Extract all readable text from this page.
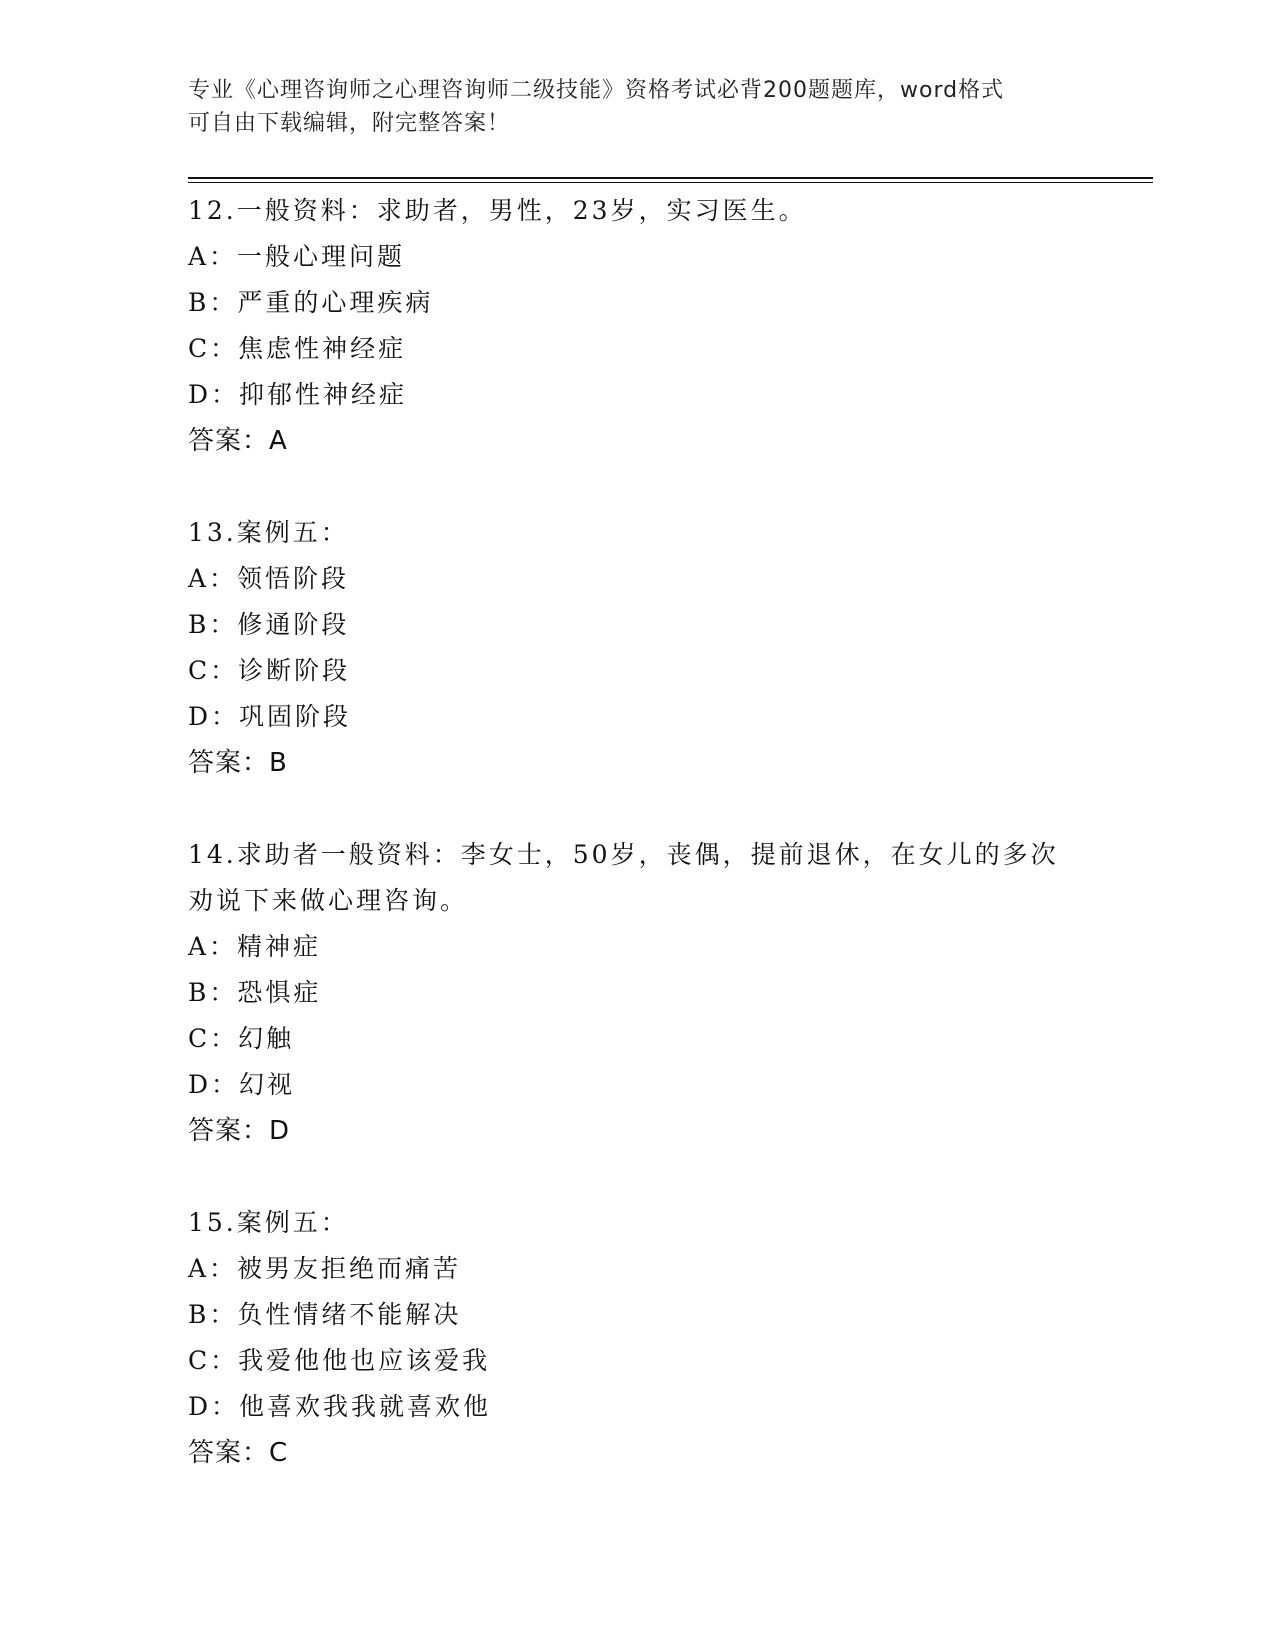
专业《心理咨询师之心理咨询师二级技能》资格考试必背200题题库，word格式
可自由下载编辑，附完整答案！
12.一般资料：求助者，男性，23岁，实习医生。
A：一般心理问题
B：严重的心理疾病
C：焦虑性神经症
D：抑郁性神经症
答案：A
13.案例五：
A：领悟阶段
B：修通阶段
C：诊断阶段
D：巩固阶段
答案：B
14.求助者一般资料：李女士，50岁，丧偶，提前退休，在女儿的多次劝说下来做心理咨询。
A：精神症
B：恐惧症
C：幻触
D：幻视
答案：D
15.案例五：
A：被男友拒绝而痛苦
B：负性情绪不能解决
C：我爱他他也应该爱我
D：他喜欢我我就喜欢他
答案：C
